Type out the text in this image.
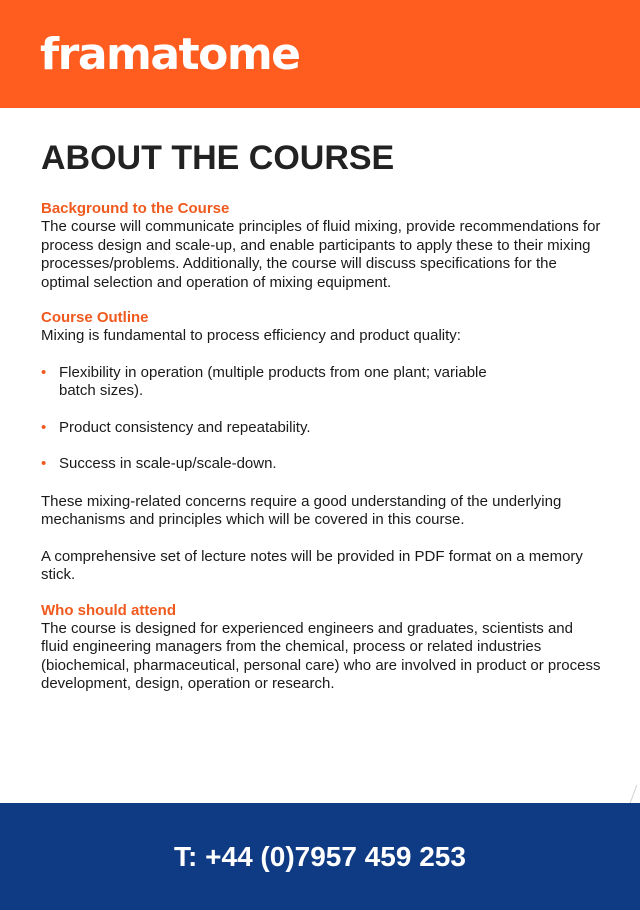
framatome
ABOUT THE COURSE
Background to the Course

The course will communicate principles of fluid mixing, provide recommendations for process design and scale-up, and enable participants to apply these to their mixing processes/problems. Additionally, the course will discuss specifications for the optimal selection and operation of mixing equipment.

Course Outline

Mixing is fundamental to process efficiency and product quality:

• Flexibility in operation (multiple products from one plant; variable batch sizes).
• Product consistency and repeatability.
• Success in scale-up/scale-down.

These mixing-related concerns require a good understanding of the underlying mechanisms and principles which will be covered in this course.

A comprehensive set of lecture notes will be provided in PDF format on a memory stick.

Who should attend

The course is designed for experienced engineers and graduates, scientists and fluid engineering managers from the chemical, process or related industries (biochemical, pharmaceutical, personal care) who are involved in product or process development, design, operation or research.

T: +44 (0)7957 459 253
